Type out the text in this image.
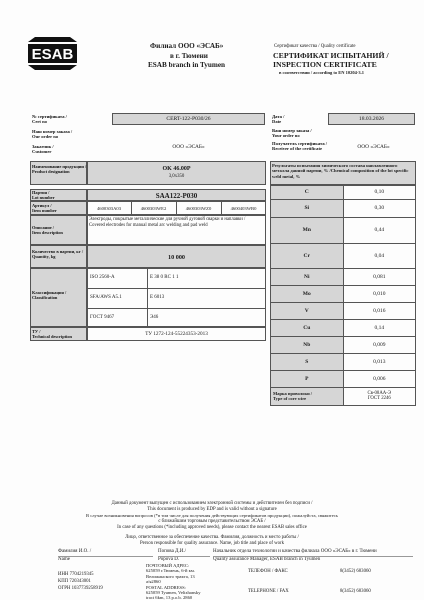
ESAB	Филиал ООО «ЭСАБ»
в г. Тюмени
ESAB branch in Tyumen
Сертификат качества / Quality certificate
СЕРТИФИКАТ ИСПЫТАНИЙ /
INSPECTION CERTIFICATE
в соответствии / according to EN 10204-3.1
№ сертификата /
Cert no	CERT-122-P030/26
Наш номер заказа /
Our order no
Заказчик /
Customer
ООО «ЭСАБ»
Дата /
Date	18.03.2026
Ваш номер заказа /
Your order no
Получатель сертификата /
Receiver of the certificate	ООО «ЭСАБ»
Наименование продукции /
Product designation	OK 46.00P
3,0x350
Партия /
Lot number	SAA122-P030
Артикул /
Item number	4600303A03	4600303WE2	4600303WZ0	4600403WB0
Описание /
Item description
Электроды, покрытые металлические для ручной дуговой сварки и наплавки /
Covered electrodes for manual metal arc welding and pad weld
Количество в партии, кг /
Quantity, kg	10 000
Классификация /
Classification
ISO 2560-A	E 38 0 RC 1 1
SFA/AWS A5.1	E 6013
ГОСТ 9467	Э46
ТУ /
Technical description	ТУ 1272-124-55224353-2013
Результаты испытания химического состава наплавленного металла данной партии, % /Chemical composition of the lot specific weld metal, %

C	0,10
Si	0,30
Mn	0,44
Cr	0,04
Ni	0,081
Mo	0,010
V	0,016
Cu	0,14
Nb	0,009
S	0,013
P	0,006
Марка проволоки /
Type of core wire	Св-08АА-Э
ГОСТ 2246
Данный документ выпущен с использованием электронной системы и действителен без подписи /
This document is produced by EDP and is valid without a signature
В случае возникновения вопросов (*в том числе для получения действующих сертификатов продукции), пожалуйста, свяжитесь
с ближайшим торговым представительством ЭСАБ /
In case of any questions (*including approved needs), please contact the nearest ESAB sales office
Лицо, ответственное за обеспечение качества. Фамилия, должность и место работы /
Person responsible for quality assurance. Name, job title and place of work
Фамилия И.О. /
Name
Попова Д.И./
Popova D.
Начальник отдела технологии и качества филиала ООО «ЭСАБ» в г. Тюмени
Quality assurance Manager, ESAB branch in Tyumen
ИНН 7704219345
КПП 720343001
ОГРН 1037739258919
ПОЧТОВЫЙ АДРЕС:
625059 г.Тюмень, 6-й км.
Велижанского тракта, 13
а/я2860
POSTAL ADDRESS:
625059 Tyumen, Velizhansky
tract 6km, 13 p.o.b. 2860
ТЕЛЕФОН / ФАКС	8(3452) 683060
TELEPHONE / FAX	8(3452) 683060
